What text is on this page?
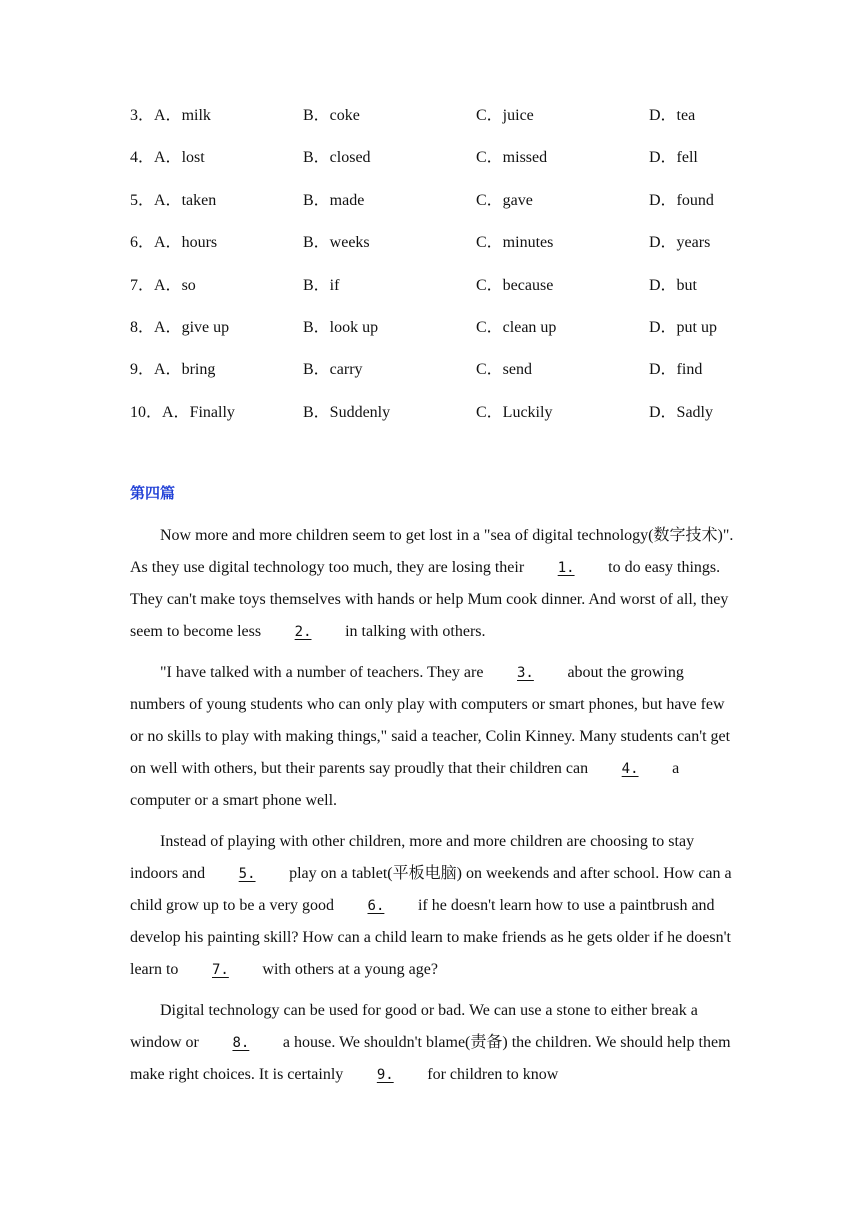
3．A．milk	B．coke	C．juice	D．tea
4．A．lost	B．closed	C．missed	D．fell
5．A．taken	B．made	C．gave	D．found
6．A．hours	B．weeks	C．minutes	D．years
7．A．so	B．if	C．because	D．but
8．A．give up	B．look up	C．clean up	D．put up
9．A．bring	B．carry	C．send	D．find
10．A．Finally	B．Suddenly	C．Luckily	D．Sadly
第四篇

Now more and more children seem to get lost in a "sea of digital technology(数字技术)". As they use digital technology too much, they are losing their 1. to do easy things. They can't make toys themselves with hands or help Mum cook dinner. And worst of all, they seem to become less 2. in talking with others.

"I have talked with a number of teachers. They are 3. about the growing numbers of young students who can only play with computers or smart phones, but have few or no skills to play with making things," said a teacher, Colin Kinney. Many students can't get on well with others, but their parents say proudly that their children can 4. a computer or a smart phone well.

Instead of playing with other children, more and more children are choosing to stay indoors and 5. play on a tablet(平板电脑) on weekends and after school. How can a child grow up to be a very good 6. if he doesn't learn how to use a paintbrush and develop his painting skill? How can a child learn to make friends as he gets older if he doesn't learn to 7. with others at a young age?

Digital technology can be used for good or bad. We can use a stone to either break a window or 8. a house. We shouldn't blame(责备) the children. We should help them make right choices. It is certainly 9. for children to know
